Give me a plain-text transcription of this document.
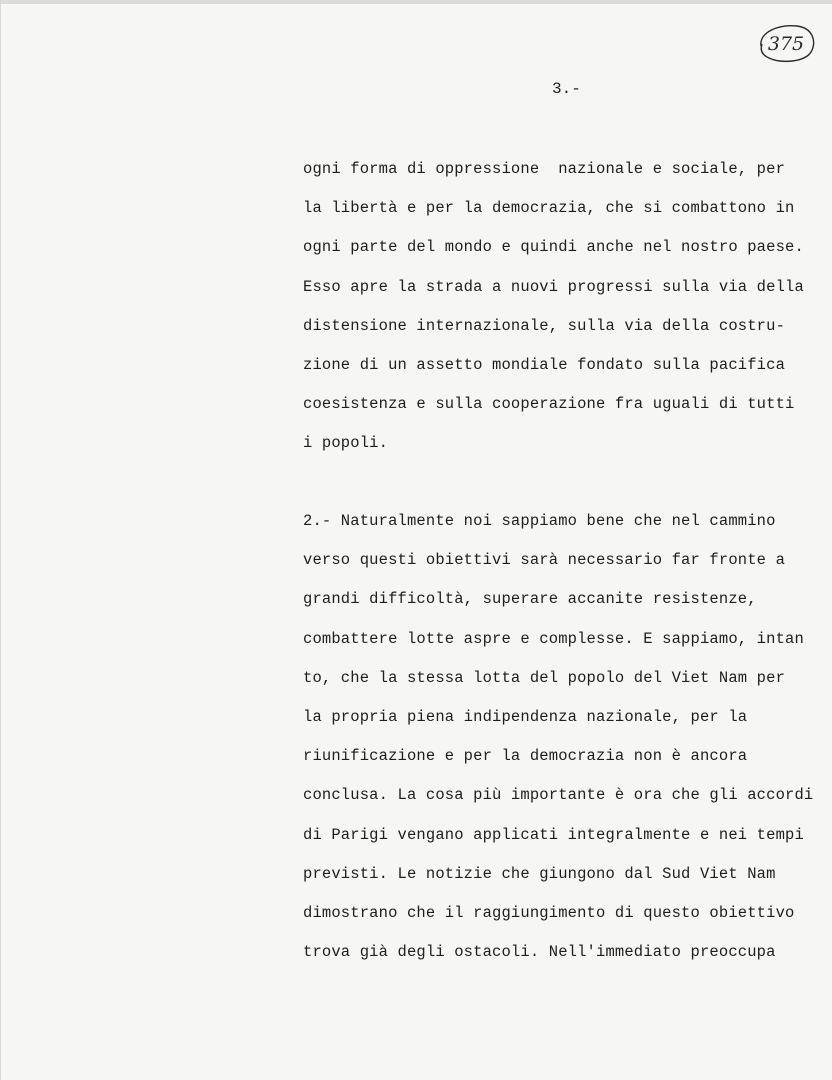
375
3.-
ogni forma di oppressione  nazionale e sociale, per
la libertà e per la democrazia, che si combattono in
ogni parte del mondo e quindi anche nel nostro paese.
Esso apre la strada a nuovi progressi sulla via della
distensione internazionale, sulla via della costru-
zione di un assetto mondiale fondato sulla pacifica
coesistenza e sulla cooperazione fra uguali di tutti
i popoli.
2.- Naturalmente noi sappiamo bene che nel cammino
verso questi obiettivi sarà necessario far fronte a
grandi difficoltà, superare accanite resistenze,
combattere lotte aspre e complesse. E sappiamo, intan
to, che la stessa lotta del popolo del Viet Nam per
la propria piena indipendenza nazionale, per la
riunificazione e per la democrazia non è ancora
conclusa. La cosa più importante è ora che gli accordi
di Parigi vengano applicati integralmente e nei tempi
previsti. Le notizie che giungono dal Sud Viet Nam
dimostrano che il raggiungimento di questo obiettivo
trova già degli ostacoli. Nell'immediato preoccupa
